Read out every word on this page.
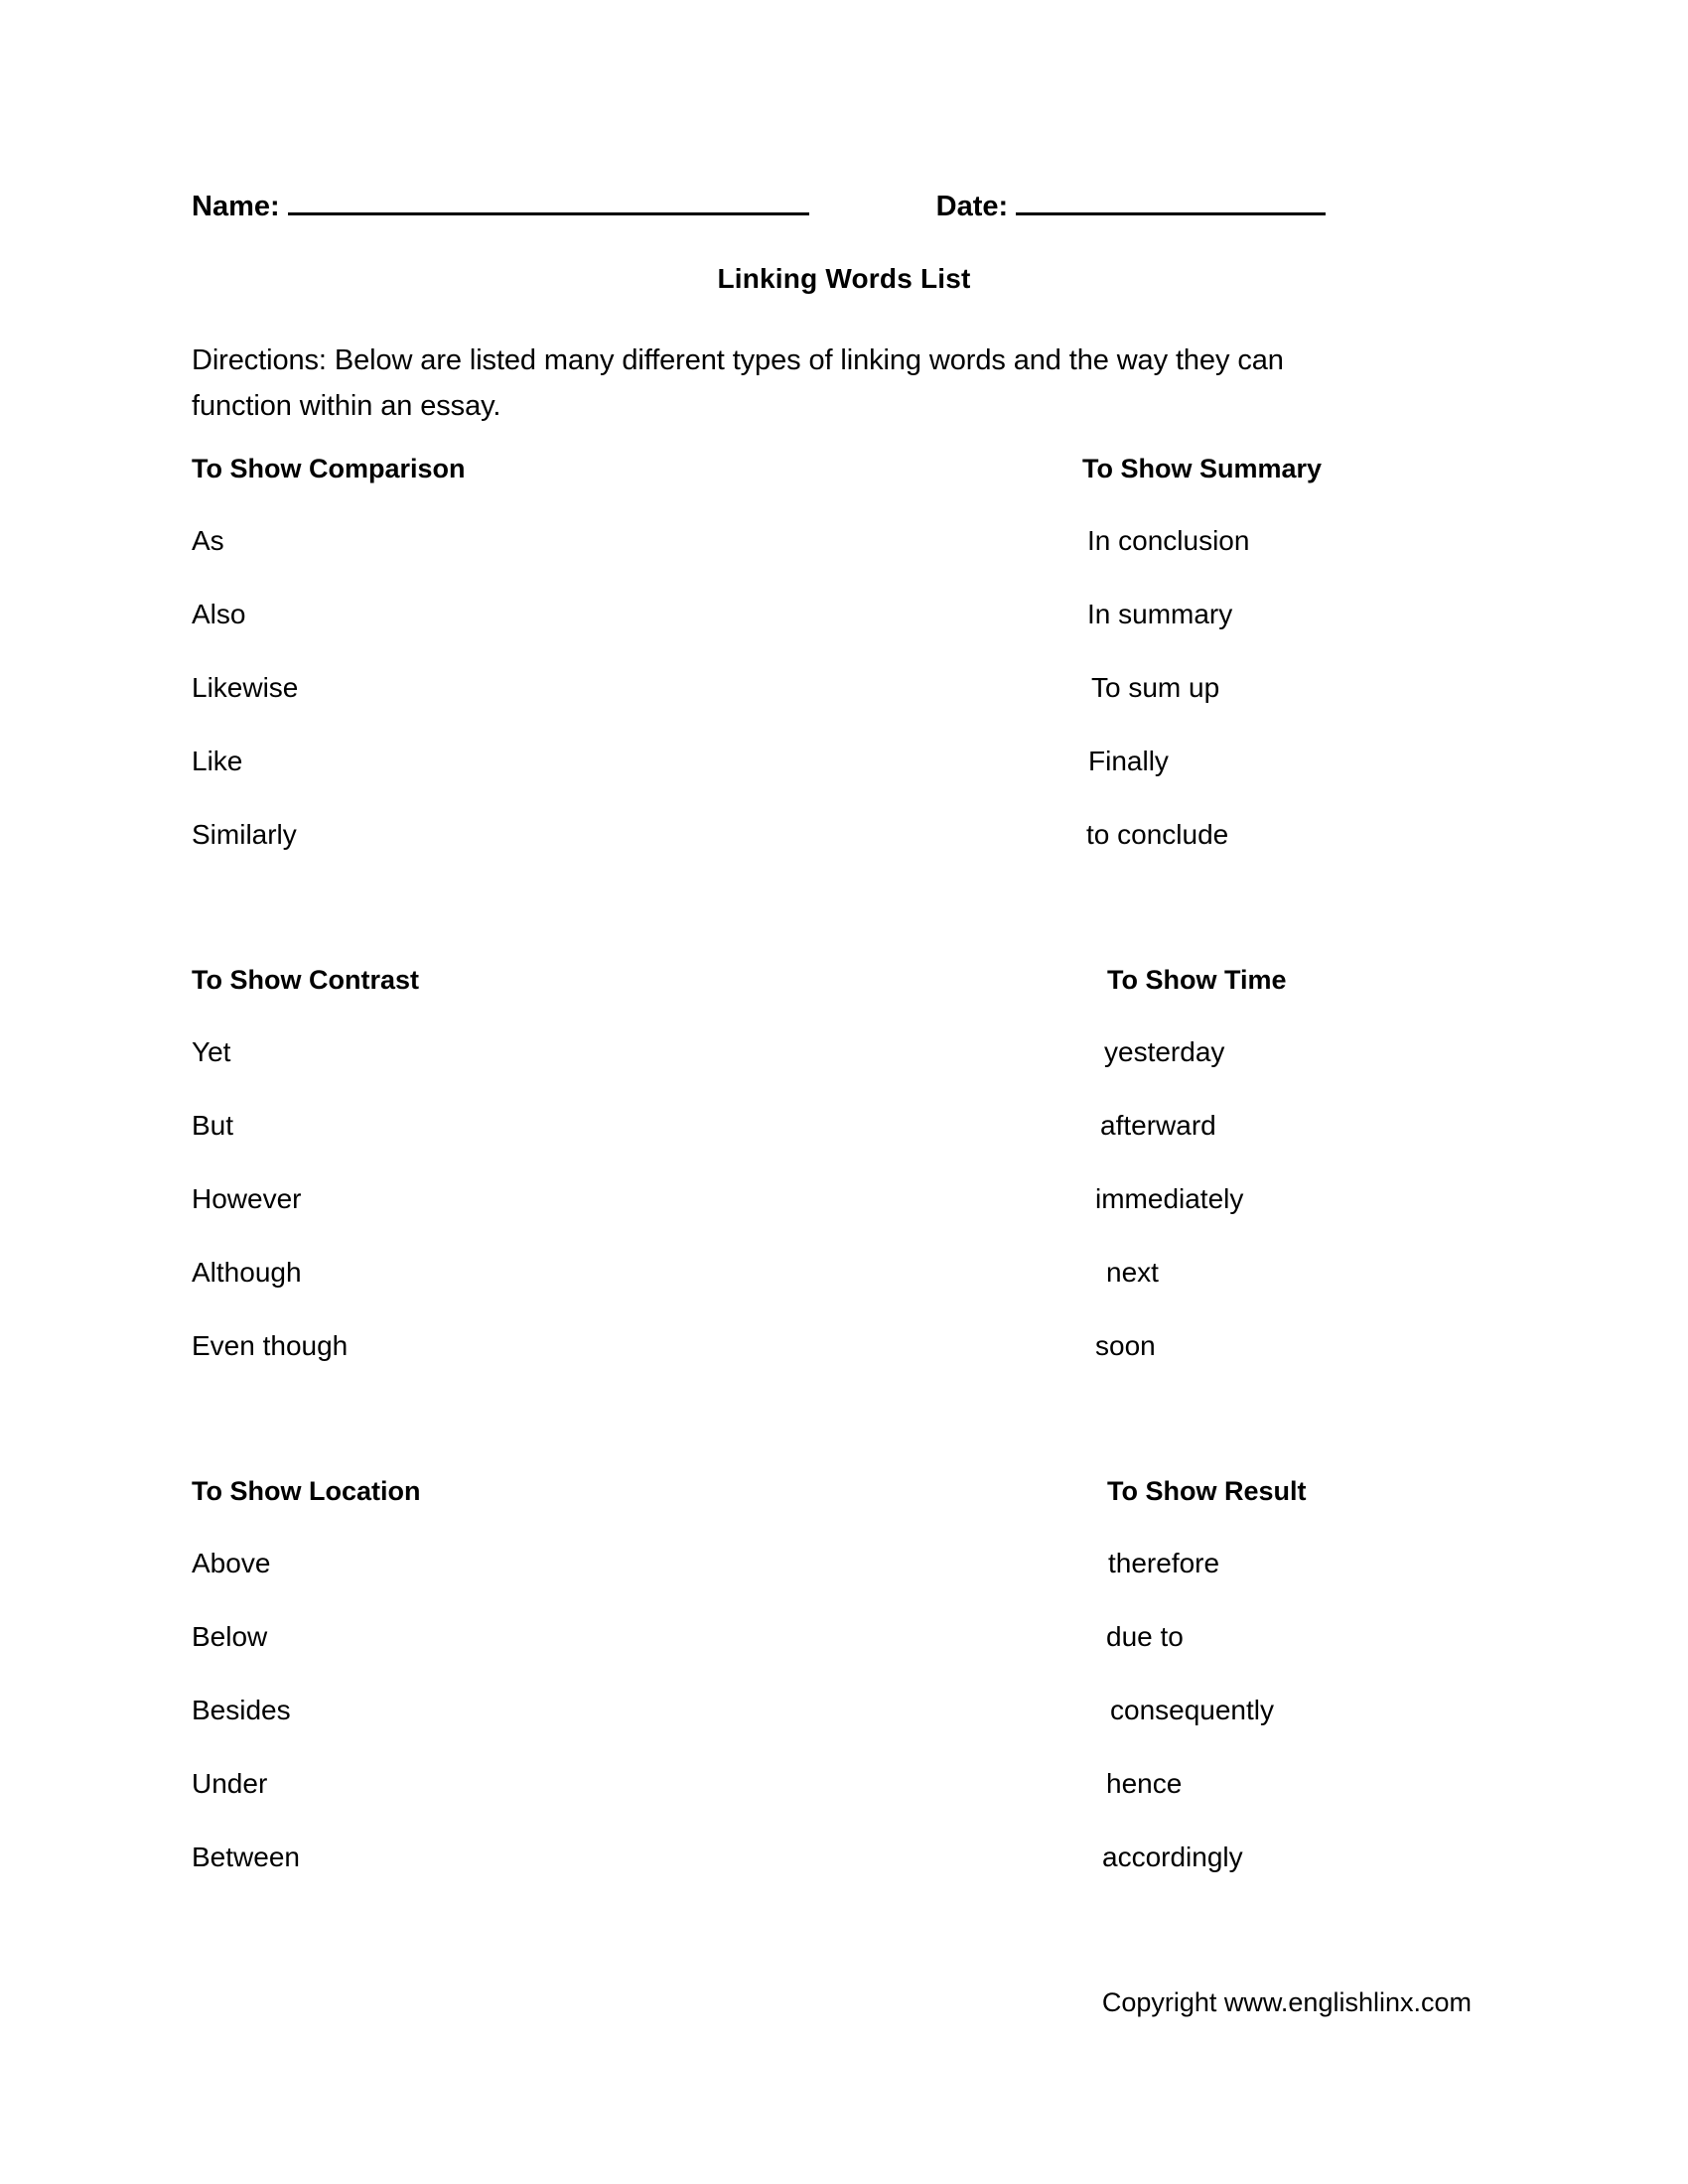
Name:	Date:
Linking Words List
Directions: Below are listed many different types of linking words and the way they can function within an essay.
To Show Comparison
As
Also
Likewise
Like
Similarly
To Show Summary
In conclusion
In summary
To sum up
Finally
to conclude
To Show Contrast
Yet
But
However
Although
Even though
To Show Time
yesterday
afterward
immediately
next
soon
To Show Location
Above
Below
Besides
Under
Between
To Show Result
therefore
due to
consequently
hence
accordingly
Copyright www.englishlinx.com
